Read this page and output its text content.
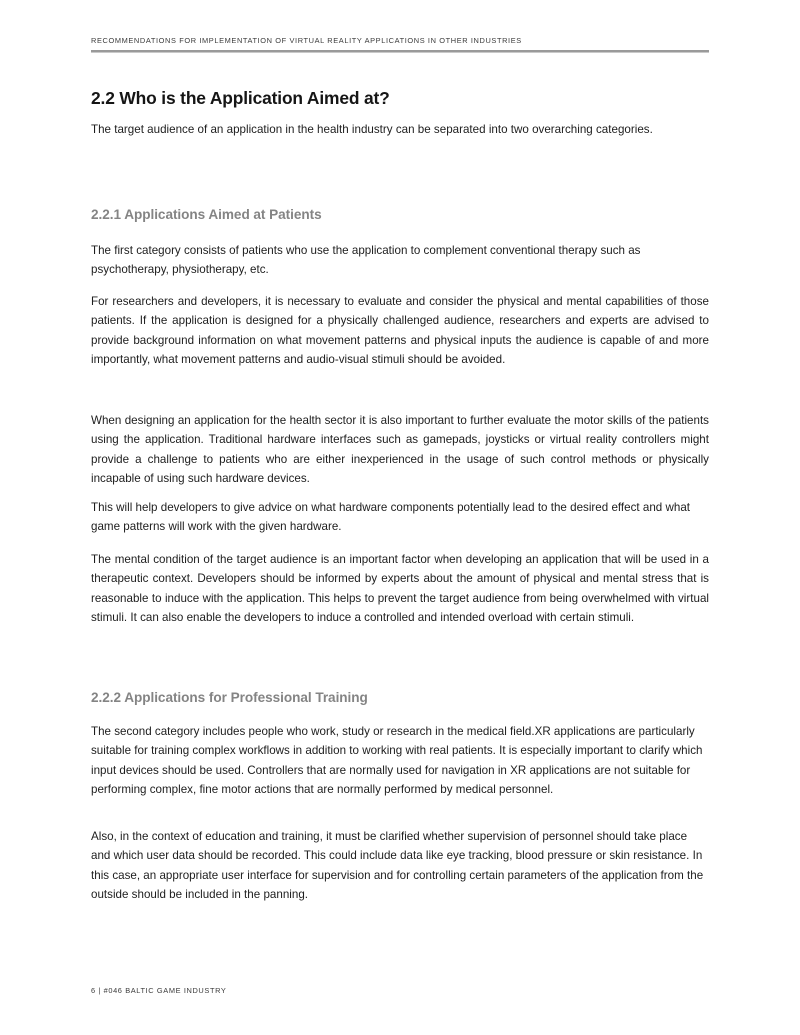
RECOMMENDATIONS FOR IMPLEMENTATION OF VIRTUAL REALITY APPLICATIONS IN OTHER INDUSTRIES
2.2 Who is the Application Aimed at?

The target audience of an application in the health industry can be separated into two overarching categories.

2.2.1 Applications Aimed at Patients

The first category consists of patients who use the application to complement conventional therapy such as psychotherapy, physiotherapy, etc.

For researchers and developers, it is necessary to evaluate and consider the physical and mental capabilities of those patients. If the application is designed for a physically challenged audience, researchers and experts are advised to provide background information on what movement patterns and physical inputs the audience is capable of and more importantly, what movement patterns and audio-visual stimuli should be avoided.

When designing an application for the health sector it is also important to further evaluate the motor skills of the patients using the application. Traditional hardware interfaces such as gamepads, joysticks or virtual reality controllers might provide a challenge to patients who are either inexperienced in the usage of such control methods or physically incapable of using such hardware devices.

This will help developers to give advice on what hardware components potentially lead to the desired effect and what game patterns will work with the given hardware.

The mental condition of the target audience is an important factor when developing an application that will be used in a therapeutic context. Developers should be informed by experts about the amount of physical and mental stress that is reasonable to induce with the application. This helps to prevent the target audience from being overwhelmed with virtual stimuli. It can also enable the developers to induce a controlled and intended overload with certain stimuli.

2.2.2 Applications for Professional Training

The second category includes people who work, study or research in the medical field.XR applications are particularly suitable for training complex workflows in addition to working with real patients. It is especially important to clarify which input devices should be used. Controllers that are normally used for navigation in XR applications are not suitable for performing complex, fine motor actions that are normally performed by medical personnel.

Also, in the context of education and training, it must be clarified whether supervision of personnel should take place and which user data should be recorded. This could include data like eye tracking, blood pressure or skin resistance. In this case, an appropriate user interface for supervision and for controlling certain parameters of the application from the outside should be included in the panning.

6 | #046 BALTIC GAME INDUSTRY
